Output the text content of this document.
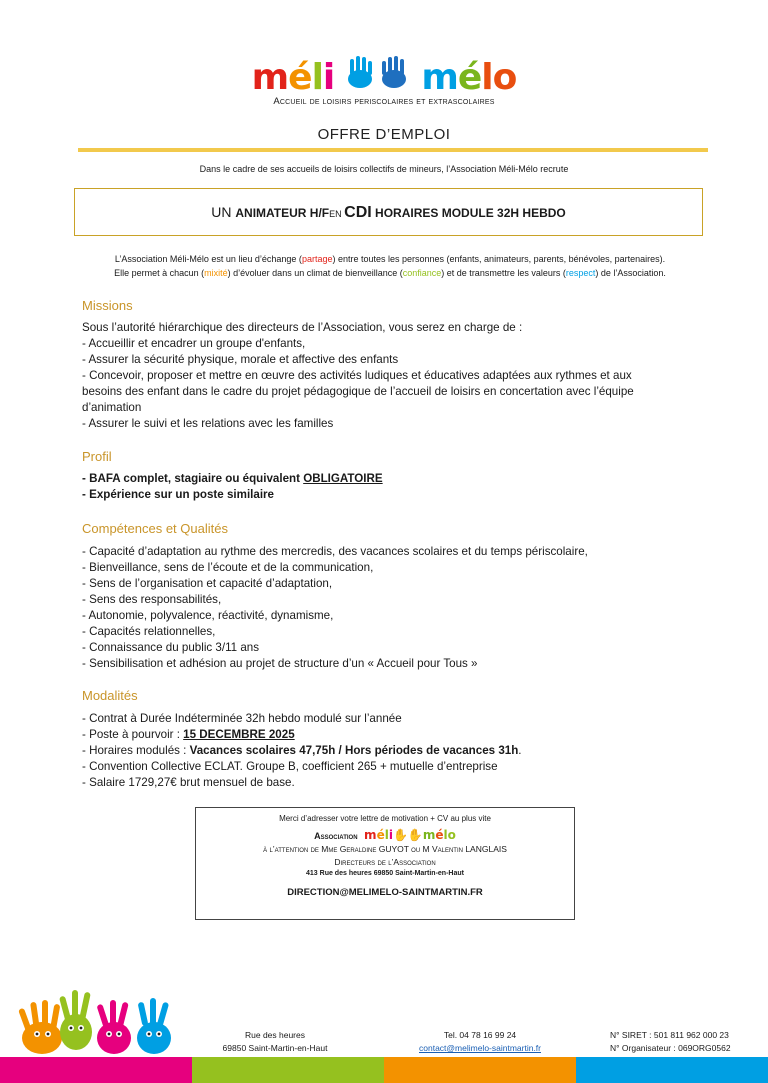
méli mélo
Accueil de loisirs periscolaires et extrascolaires
OFFRE D’EMPLOI
Dans le cadre de ses accueils de loisirs collectifs de mineurs, l’Association Méli-Mélo recrute
UN ANIMATEUR H/FEN CDI HORAIRES MODULE 32H HEBDO
L’Association Méli-Mélo est un lieu d’échange (partage) entre toutes les personnes (enfants, animateurs, parents, bénévoles, partenaires).
Elle permet à chacun (mixité) d’évoluer dans un climat de bienveillance (confiance) et de transmettre les valeurs (respect) de l’Association.
Missions
Sous l’autorité hiérarchique des directeurs de l’Association, vous serez en charge de :
- Accueillir et encadrer un groupe d'enfants,
- Assurer la sécurité physique, morale et affective des enfants
- Concevoir, proposer et mettre en œuvre des activités ludiques et éducatives adaptées aux rythmes et aux
besoins des enfant dans le cadre du projet pédagogique de l’accueil de loisirs en concertation avec l’équipe
d’animation
- Assurer le suivi et les relations avec les familles
Profil
- BAFA complet, stagiaire ou équivalent OBLIGATOIRE
- Expérience sur un poste similaire
Compétences et Qualités
- Capacité d’adaptation au rythme des mercredis, des vacances scolaires et du temps périscolaire,
- Bienveillance, sens de l’écoute et de la communication,
- Sens de l’organisation et capacité d’adaptation,
- Sens des responsabilités,
- Autonomie, polyvalence, réactivité, dynamisme,
- Capacités relationnelles,
- Connaissance du public 3/11 ans
- Sensibilisation et adhésion au projet de structure d’un « Accueil pour Tous »
Modalités
- Contrat à Durée Indéterminée 32h hebdo modulé sur l’année
- Poste à pourvoir : 15 DECEMBRE 2025
- Horaires modulés : Vacances scolaires 47,75h / Hors périodes de vacances 31h.
- Convention Collective ECLAT. Groupe B, coefficient 265 + mutuelle d’entreprise
- Salaire 1729,27€ brut mensuel de base.
Merci d’adresser votre lettre de motivation + CV au plus vite
Association méli✋✋mélo
à l’attention de Mme Geraldine GUYOT ou M Valentin LANGLAIS
Directeurs de l’Association
413 Rue des heures 69850 Saint-Martin-en-Haut
DIRECTION@MELIMELO-SAINTMARTIN.FR
Rue des heures
69850 Saint-Martin-en-Haut
Tel. 04 78 16 99 24
contact@melimelo-saintmartin.fr
N° SIRET : 501 811 962 000 23
N° Organisateur : 069ORG0562
